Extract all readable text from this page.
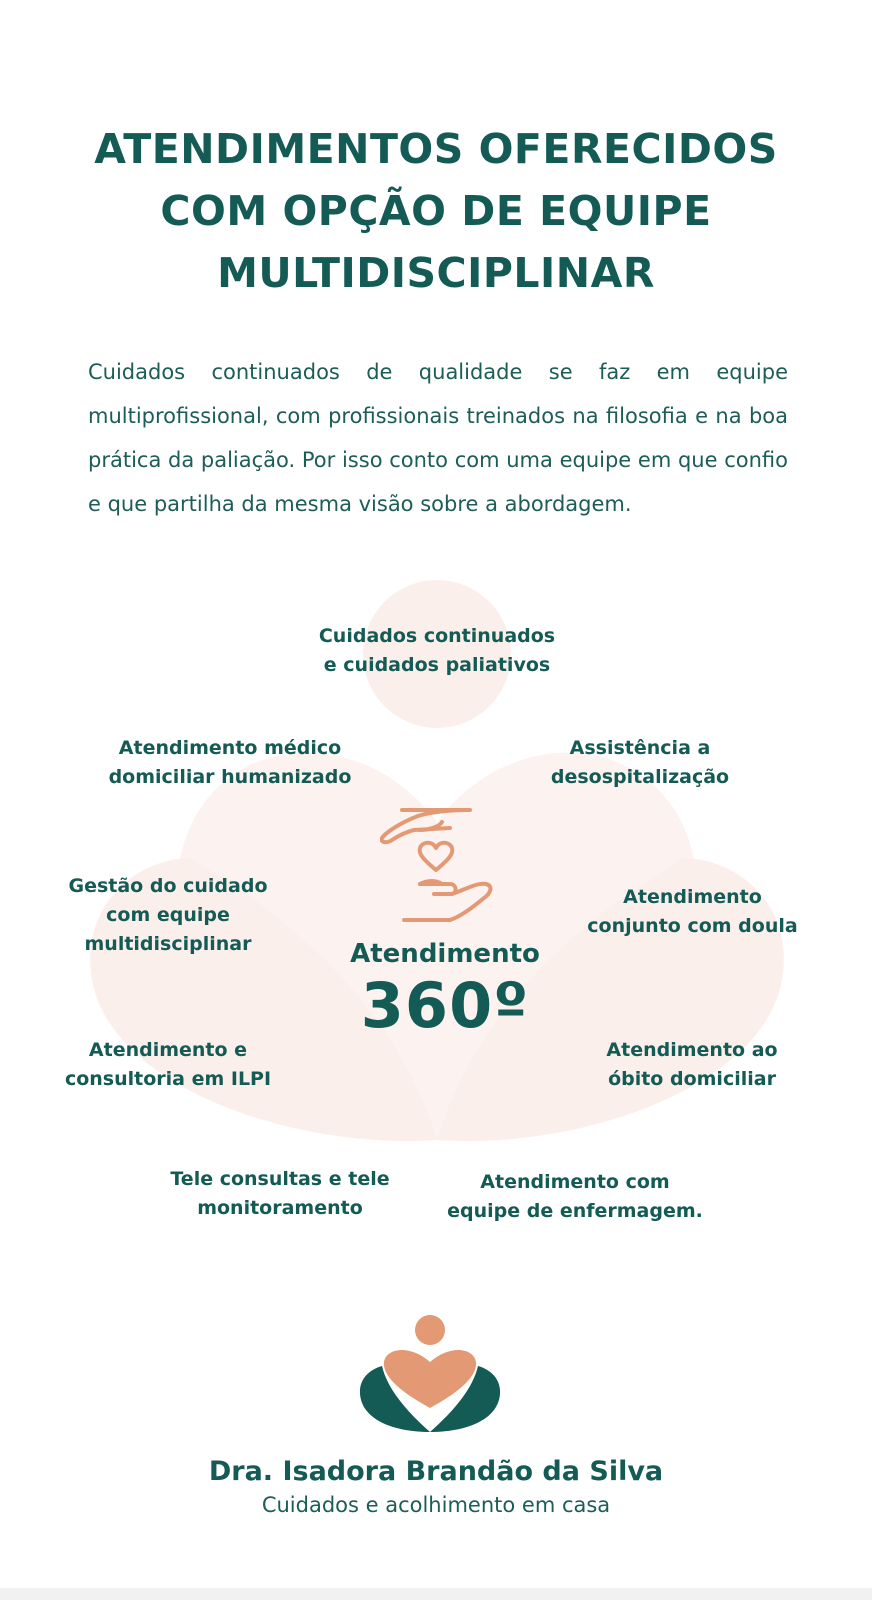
ATENDIMENTOS OFERECIDOS
COM OPÇÃO DE EQUIPE
MULTIDISCIPLINAR

Cuidados continuados de qualidade se faz em equipe multiprofissional, com profissionais treinados na filosofia e na boa prática da paliação. Por isso conto com uma equipe em que confio e que partilha da mesma visão sobre a abordagem.

Cuidados continuados
e cuidados paliativos
Atendimento médico
domiciliar humanizado
Assistência a
desospitalização
Gestão do cuidado
com equipe
multidisciplinar
Atendimento
conjunto com doula
Atendimento e
consultoria em ILPI
Atendimento ao
óbito domiciliar
Tele consultas e tele
monitoramento
Atendimento com
equipe de enfermagem.
Atendimento
360º
Dra. Isadora Brandão da Silva
Cuidados e acolhimento em casa
